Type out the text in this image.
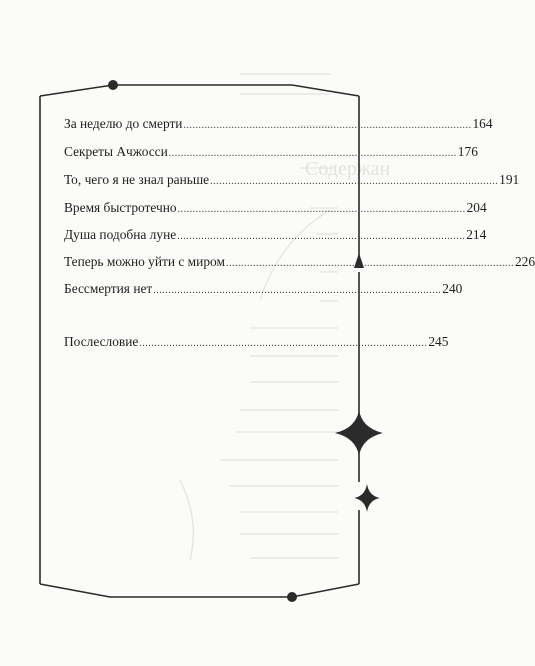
Содержан
За неделю до смерти ................................................................................................ 164
Секреты Ачжосси ................................................................................................ 176
То, чего я не знал раньше ................................................................................................ 191
Время быстротечно ................................................................................................ 204
Душа подобна луне ................................................................................................ 214
Теперь можно уйти с миром ................................................................................................ 226
Бессмертия нет ................................................................................................ 240
Послесловие ................................................................................................ 245
